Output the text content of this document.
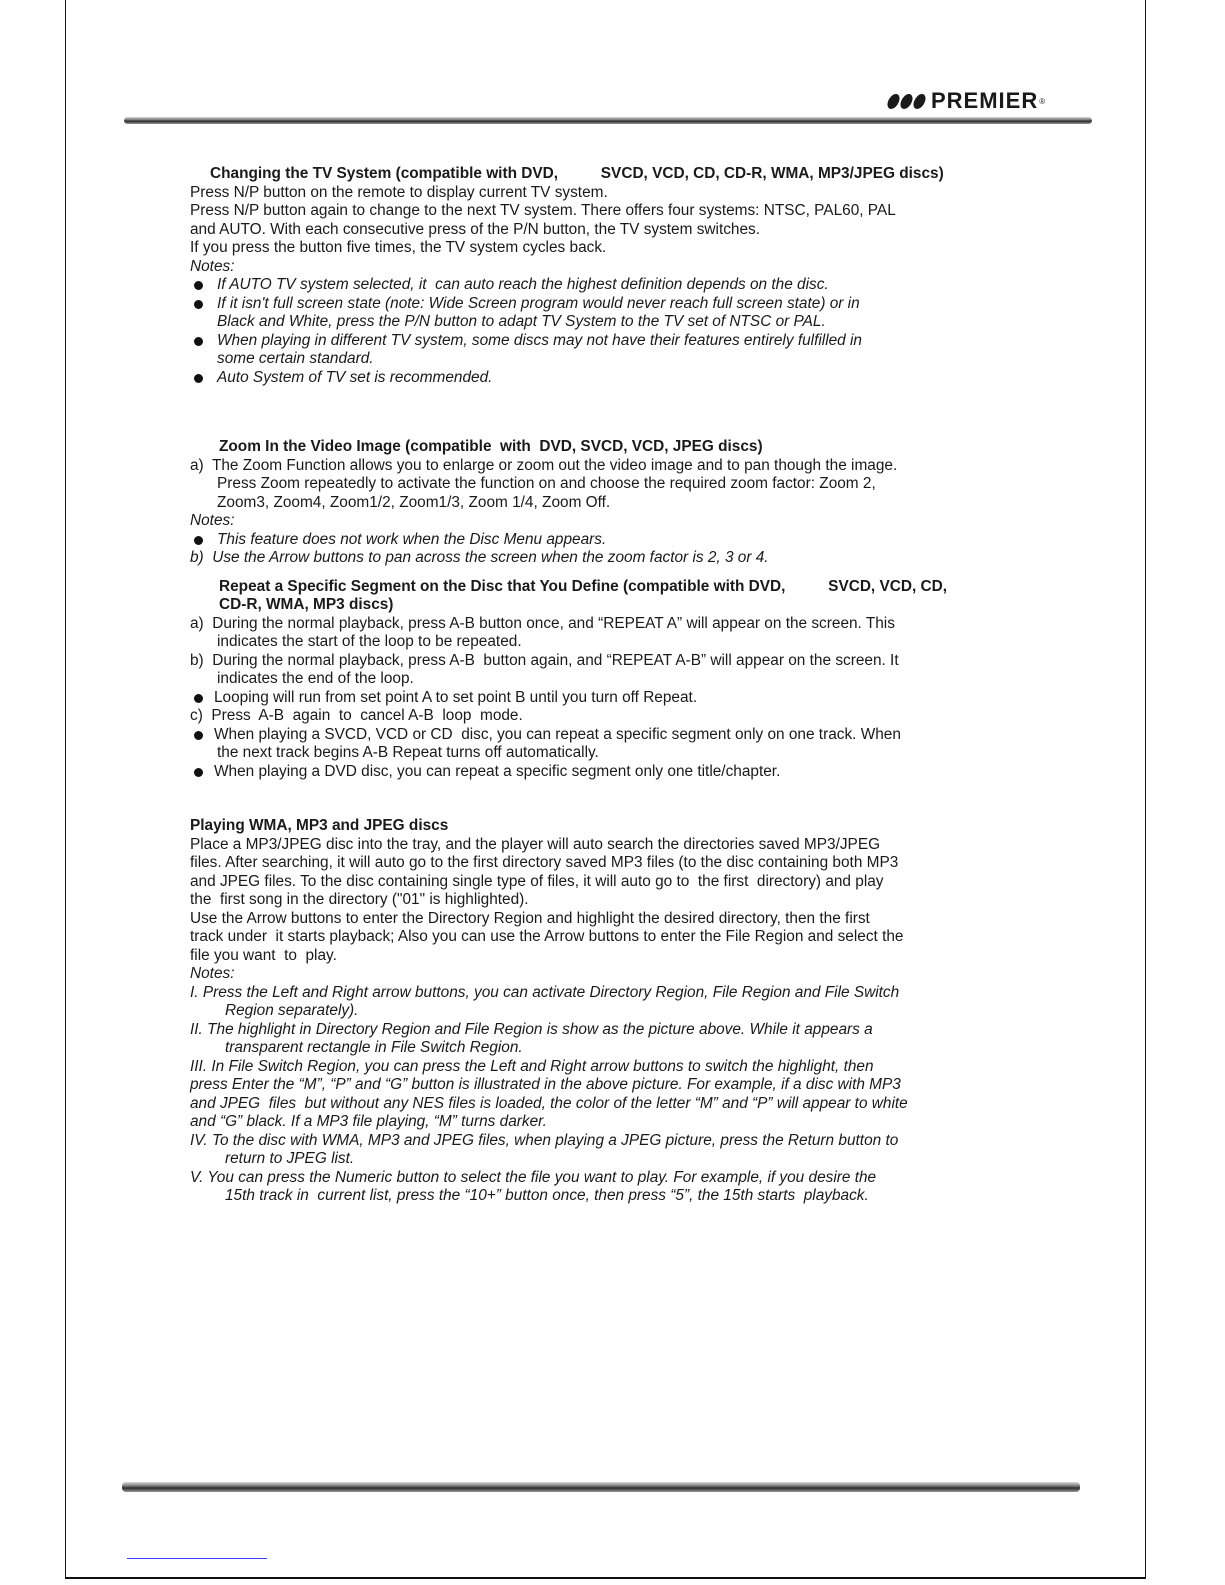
PREMIER ®
Changing the TV System (compatible with DVD,          SVCD, VCD, CD, CD-R, WMA, MP3/JPEG discs)
Press N/P button on the remote to display current TV system.
Press N/P button again to change to the next TV system. There offers four systems: NTSC, PAL60, PAL
and AUTO. With each consecutive press of the P/N button, the TV system switches.
If you press the button five times, the TV system cycles back.
Notes:
If AUTO TV system selected, it  can auto reach the highest definition depends on the disc.
If it isn't full screen state (note: Wide Screen program would never reach full screen state) or in
Black and White, press the P/N button to adapt TV System to the TV set of NTSC or PAL.
When playing in different TV system, some discs may not have their features entirely fulfilled in
some certain standard.
Auto System of TV set is recommended.
Zoom In the Video Image (compatible  with  DVD, SVCD, VCD, JPEG discs)
a)  The Zoom Function allows you to enlarge or zoom out the video image and to pan though the image.
Press Zoom repeatedly to activate the function on and choose the required zoom factor: Zoom 2,
Zoom3, Zoom4, Zoom1/2, Zoom1/3, Zoom 1/4, Zoom Off.
Notes:
This feature does not work when the Disc Menu appears.
b)  Use the Arrow buttons to pan across the screen when the zoom factor is 2, 3 or 4.
Repeat a Specific Segment on the Disc that You Define (compatible with DVD,          SVCD, VCD, CD,
CD-R, WMA, MP3 discs)
a)  During the normal playback, press A-B button once, and “REPEAT A” will appear on the screen. This
indicates the start of the loop to be repeated.
b)  During the normal playback, press A-B  button again, and “REPEAT A-B” will appear on the screen. It
indicates the end of the loop.
Looping will run from set point A to set point B until you turn off Repeat.
c)  Press  A-B  again  to  cancel A-B  loop  mode.
When playing a SVCD, VCD or CD  disc, you can repeat a specific segment only on one track. When
the next track begins A-B Repeat turns off automatically.
When playing a DVD disc, you can repeat a specific segment only one title/chapter.
Playing WMA, MP3 and JPEG discs
Place a MP3/JPEG disc into the tray, and the player will auto search the directories saved MP3/JPEG
files. After searching, it will auto go to the first directory saved MP3 files (to the disc containing both MP3
and JPEG files. To the disc containing single type of files, it will auto go to  the first  directory) and play
the  first song in the directory ("01" is highlighted).
Use the Arrow buttons to enter the Directory Region and highlight the desired directory, then the first
track under  it starts playback; Also you can use the Arrow buttons to enter the File Region and select the
file you want  to  play.
Notes:
I. Press the Left and Right arrow buttons, you can activate Directory Region, File Region and File Switch
Region separately).
II. The highlight in Directory Region and File Region is show as the picture above. While it appears a
transparent rectangle in File Switch Region.
III. In File Switch Region, you can press the Left and Right arrow buttons to switch the highlight, then
press Enter the “M”, “P” and “G” button is illustrated in the above picture. For example, if a disc with MP3
and JPEG  files  but without any NES files is loaded, the color of the letter “M” and “P” will appear to white
and “G” black. If a MP3 file playing, “M” turns darker.
IV. To the disc with WMA, MP3 and JPEG files, when playing a JPEG picture, press the Return button to
return to JPEG list.
V. You can press the Numeric button to select the file you want to play. For example, if you desire the
15th track in  current list, press the “10+” button once, then press “5”, the 15th starts  playback.
